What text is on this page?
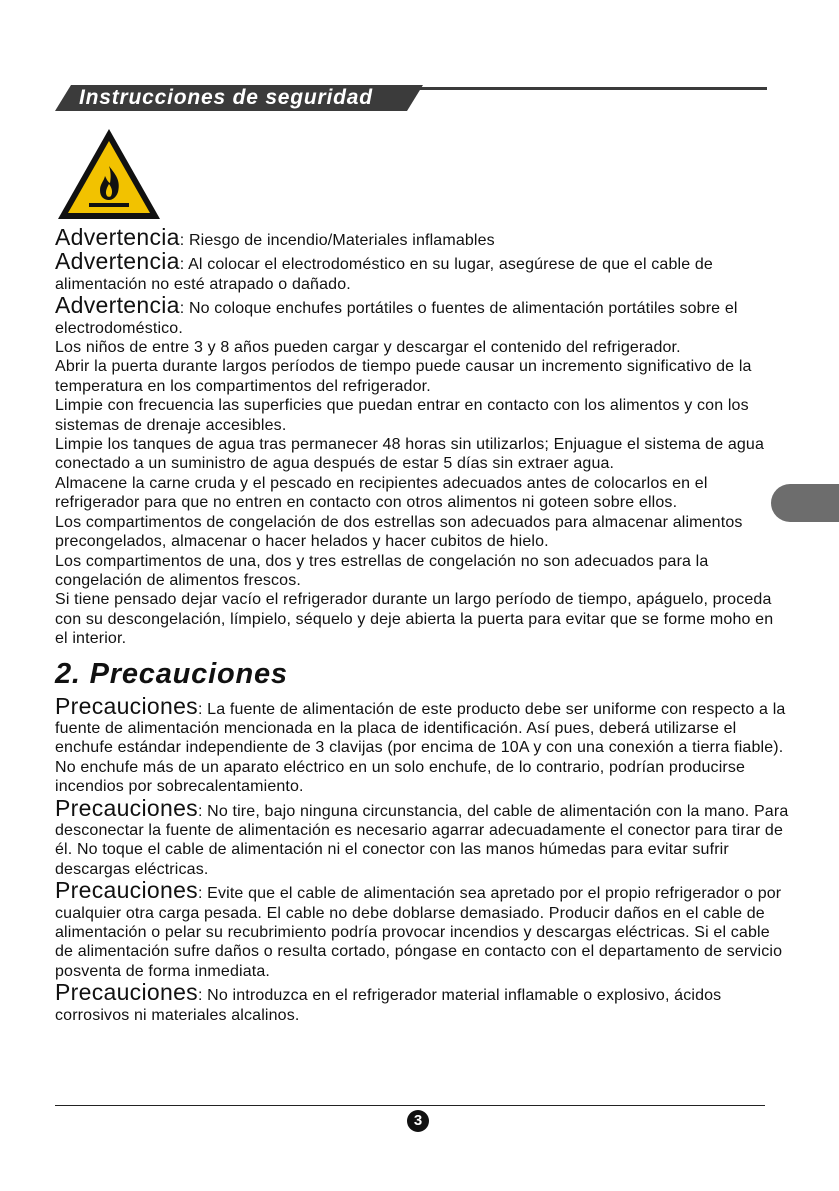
Instrucciones de seguridad

Advertencia: Riesgo de incendio/Materiales inflamables

Advertencia: Al colocar el electrodoméstico en su lugar, asegúrese de que el cable de alimentación no esté atrapado o dañado.

Advertencia: No coloque enchufes portátiles o fuentes de alimentación portátiles sobre el electrodoméstico.

Los niños de entre 3 y 8 años pueden cargar y descargar el contenido del refrigerador.

Abrir la puerta durante largos períodos de tiempo puede causar un incremento significativo de la temperatura en los compartimentos del refrigerador.

Limpie con frecuencia las superficies que puedan entrar en contacto con los alimentos y con los sistemas de drenaje accesibles.

Limpie los tanques de agua tras permanecer 48 horas sin utilizarlos; Enjuague el sistema de agua conectado a un suministro de agua después de estar 5 días sin extraer agua.

Almacene la carne cruda y el pescado en recipientes adecuados antes de colocarlos en el refrigerador para que no entren en contacto con otros alimentos ni goteen sobre ellos.

Los compartimentos de congelación de dos estrellas son adecuados para almacenar alimentos precongelados, almacenar o hacer helados y hacer cubitos de hielo.

Los compartimentos de una, dos y tres estrellas de congelación no son adecuados para la congelación de alimentos frescos.

Si tiene pensado dejar vacío el refrigerador durante un largo período de tiempo, apáguelo, proceda con su descongelación, límpielo, séquelo y deje abierta la puerta para evitar que se forme moho en el interior.

2. Precauciones

Precauciones: La fuente de alimentación de este producto debe ser uniforme con respecto a la fuente de alimentación mencionada en la placa de identificación. Así pues, deberá utilizarse el enchufe estándar independiente de 3 clavijas (por encima de 10A y con una conexión a tierra fiable). No enchufe más de un aparato eléctrico en un solo enchufe, de lo contrario, podrían producirse incendios por sobrecalentamiento.

Precauciones: No tire, bajo ninguna circunstancia, del cable de alimentación con la mano. Para desconectar la fuente de alimentación es necesario agarrar adecuadamente el conector para tirar de él. No toque el cable de alimentación ni el conector con las manos húmedas para evitar sufrir descargas eléctricas.

Precauciones: Evite que el cable de alimentación sea apretado por el propio refrigerador o por cualquier otra carga pesada. El cable no debe doblarse demasiado. Producir daños en el cable de alimentación o pelar su recubrimiento podría provocar incendios y descargas eléctricas. Si el cable de alimentación sufre daños o resulta cortado, póngase en contacto con el departamento de servicio posventa de forma inmediata.

Precauciones: No introduzca en el refrigerador material inflamable o explosivo, ácidos corrosivos ni materiales alcalinos.

3
